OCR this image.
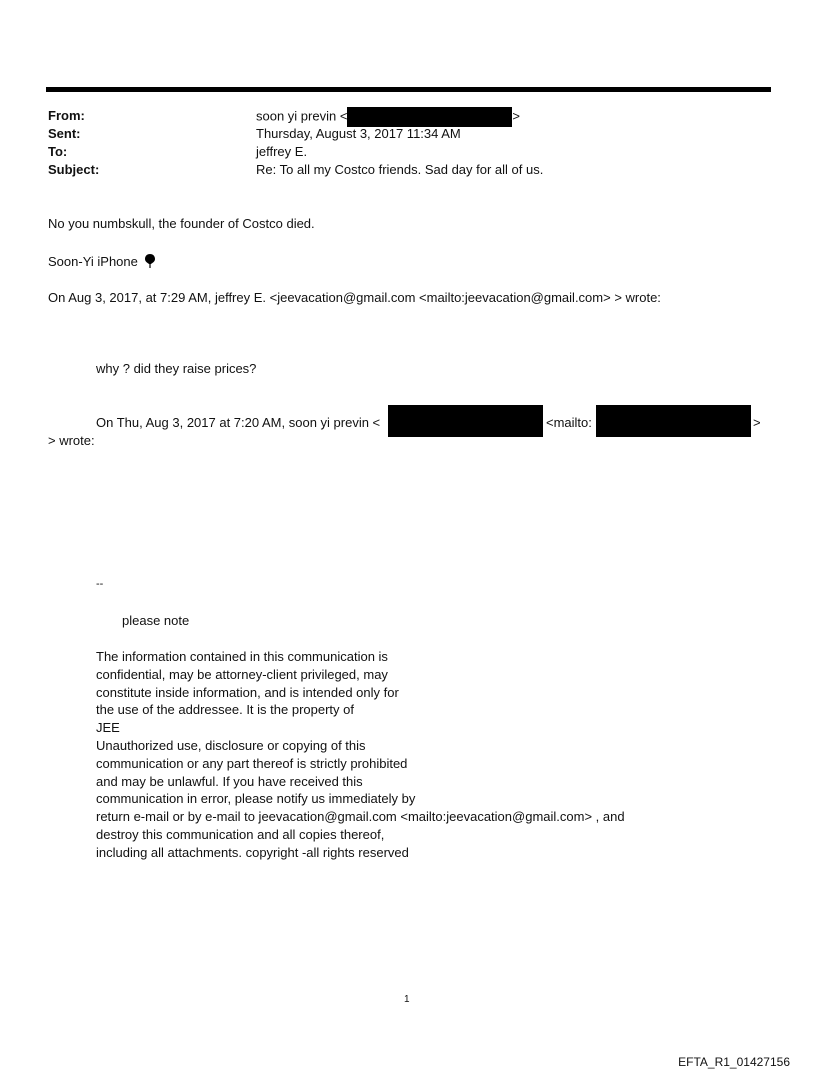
From:	soon yi previn <	>
Sent:	Thursday, August 3, 2017 11:34 AM
To:	jeffrey E.
Subject:	Re: To all my Costco friends. Sad day for all of us.
No you numbskull, the founder of Costco died.
Soon-Yi iPhone
On Aug 3, 2017, at 7:29 AM, jeffrey E. <jeevacation@gmail.com <mailto:jeevacation@gmail.com> > wrote:
why ? did they raise prices?
On Thu, Aug 3, 2017 at 7:20 AM, soon yi previn <	<mailto:	>
> wrote:
--
please note
The information contained in this communication is
confidential, may be attorney-client privileged, may
constitute inside information, and is intended only for
the use of the addressee. It is the property of
JEE
Unauthorized use, disclosure or copying of this
communication or any part thereof is strictly prohibited
and may be unlawful. If you have received this
communication in error, please notify us immediately by
return e-mail or by e-mail to jeevacation@gmail.com <mailto:jeevacation@gmail.com> , and
destroy this communication and all copies thereof,
including all attachments. copyright -all rights reserved
1
EFTA_R1_01427156
